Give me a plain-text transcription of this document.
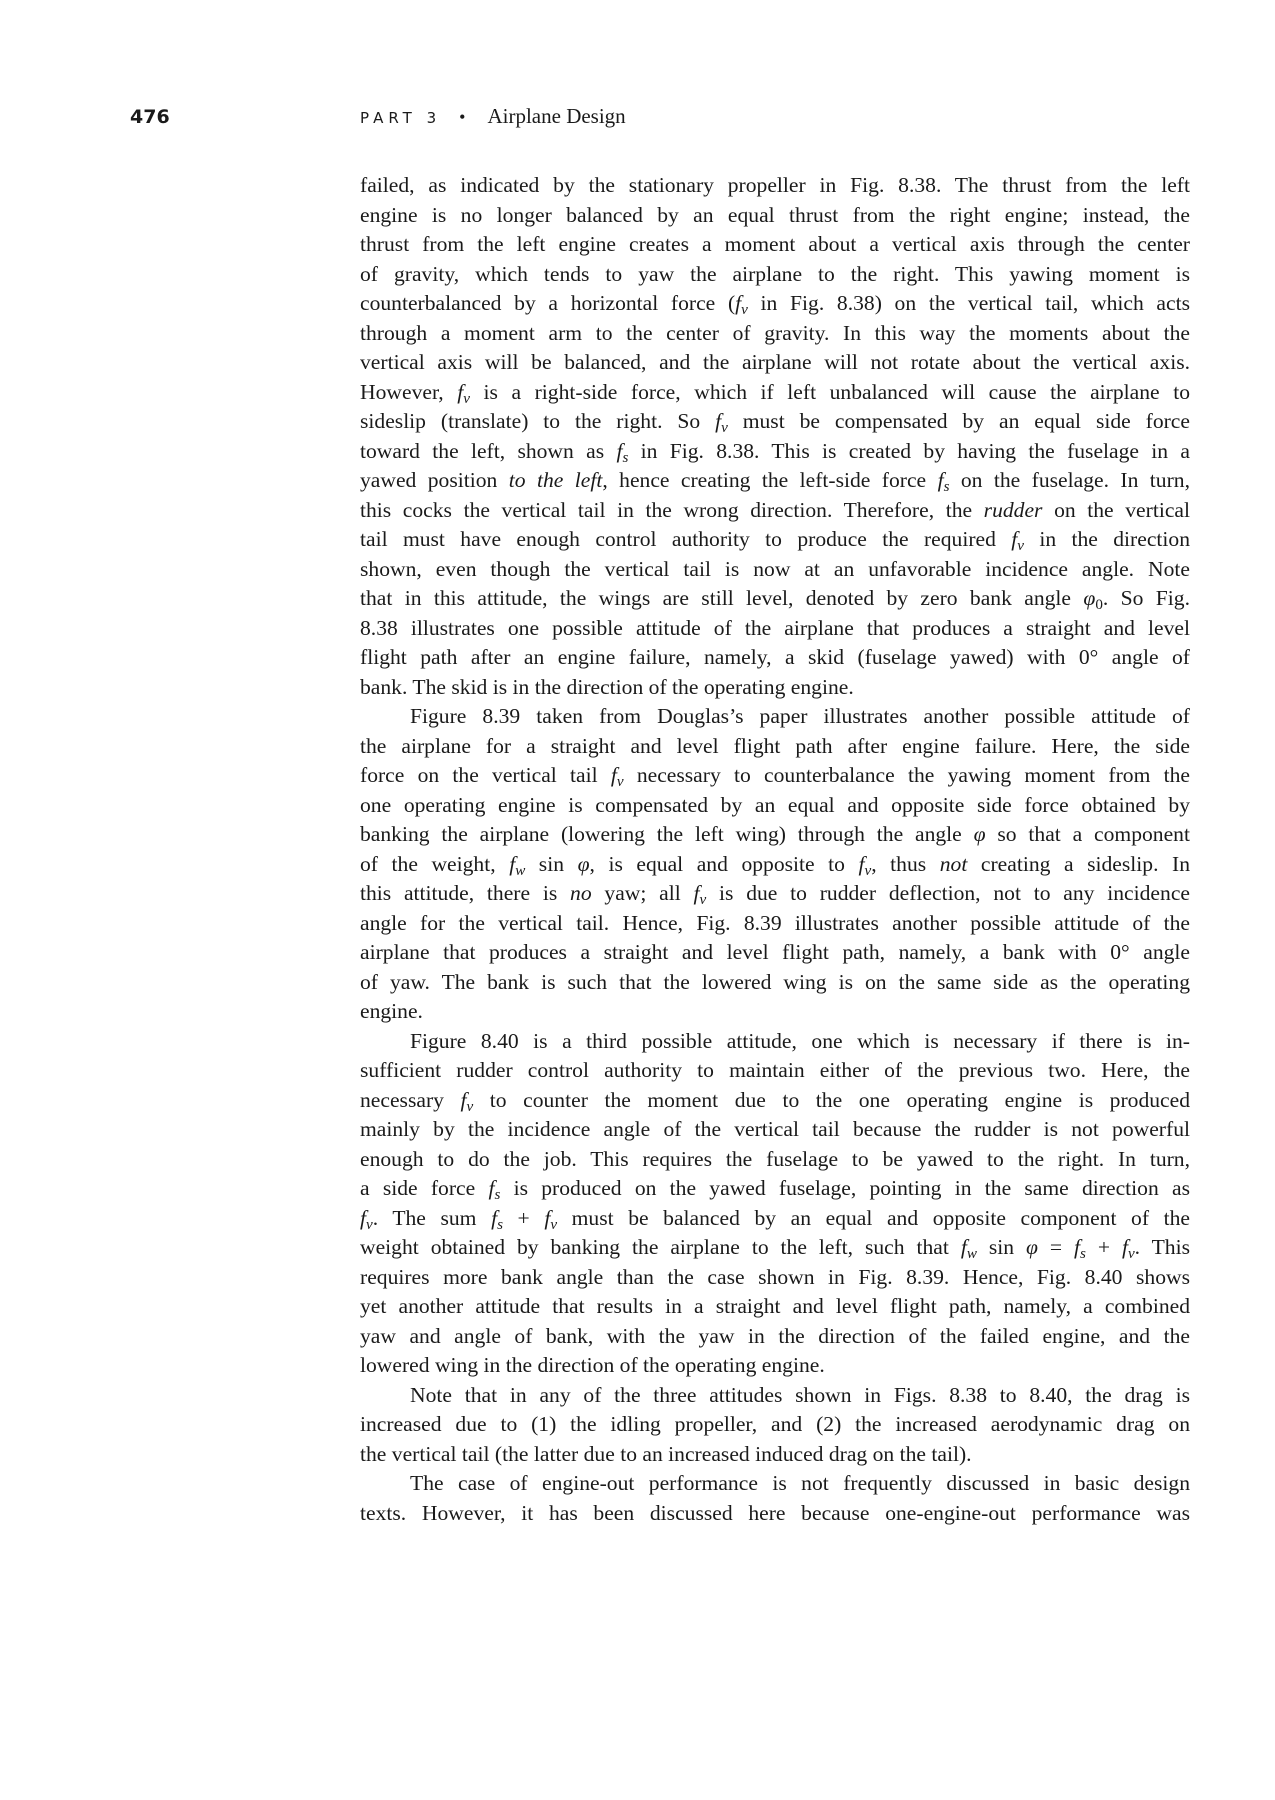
476	PART 3 • Airplane Design
failed, as indicated by the stationary propeller in Fig. 8.38. The thrust from the left
engine is no longer balanced by an equal thrust from the right engine; instead, the
thrust from the left engine creates a moment about a vertical axis through the center
of gravity, which tends to yaw the airplane to the right. This yawing moment is
counterbalanced by a horizontal force ($f_v$ in Fig. 8.38) on the vertical tail, which acts
through a moment arm to the center of gravity. In this way the moments about the
vertical axis will be balanced, and the airplane will not rotate about the vertical axis.
However, $f_v$ is a right-side force, which if left unbalanced will cause the airplane to
sideslip (translate) to the right. So $f_v$ must be compensated by an equal side force
toward the left, shown as $f_s$ in Fig. 8.38. This is created by having the fuselage in a
yawed position to the left, hence creating the left-side force $f_s$ on the fuselage. In turn,
this cocks the vertical tail in the wrong direction. Therefore, the rudder on the vertical
tail must have enough control authority to produce the required $f_v$ in the direction
shown, even though the vertical tail is now at an unfavorable incidence angle. Note
that in this attitude, the wings are still level, denoted by zero bank angle $\varphi_0$. So Fig.
8.38 illustrates one possible attitude of the airplane that produces a straight and level
flight path after an engine failure, namely, a skid (fuselage yawed) with 0° angle of
bank. The skid is in the direction of the operating engine.
Figure 8.39 taken from Douglas’s paper illustrates another possible attitude of
the airplane for a straight and level flight path after engine failure. Here, the side
force on the vertical tail $f_v$ necessary to counterbalance the yawing moment from the
one operating engine is compensated by an equal and opposite side force obtained by
banking the airplane (lowering the left wing) through the angle φ so that a component
of the weight, $f_w$ sin φ, is equal and opposite to $f_v$, thus not creating a sideslip. In
this attitude, there is no yaw; all $f_v$ is due to rudder deflection, not to any incidence
angle for the vertical tail. Hence, Fig. 8.39 illustrates another possible attitude of the
airplane that produces a straight and level flight path, namely, a bank with 0° angle
of yaw. The bank is such that the lowered wing is on the same side as the operating
engine.
Figure 8.40 is a third possible attitude, one which is necessary if there is in-
sufficient rudder control authority to maintain either of the previous two. Here, the
necessary $f_v$ to counter the moment due to the one operating engine is produced
mainly by the incidence angle of the vertical tail because the rudder is not powerful
enough to do the job. This requires the fuselage to be yawed to the right. In turn,
a side force $f_s$ is produced on the yawed fuselage, pointing in the same direction as
$f_v$. The sum $f_s + f_v$ must be balanced by an equal and opposite component of the
weight obtained by banking the airplane to the left, such that $f_w$ $\sin \varphi = f_s + f_v$. This
requires more bank angle than the case shown in Fig. 8.39. Hence, Fig. 8.40 shows
yet another attitude that results in a straight and level flight path, namely, a combined
yaw and angle of bank, with the yaw in the direction of the failed engine, and the
lowered wing in the direction of the operating engine.
Note that in any of the three attitudes shown in Figs. 8.38 to 8.40, the drag is
increased due to (1) the idling propeller, and (2) the increased aerodynamic drag on
the vertical tail (the latter due to an increased induced drag on the tail).
The case of engine-out performance is not frequently discussed in basic design
texts. However, it has been discussed here because one-engine-out performance was
